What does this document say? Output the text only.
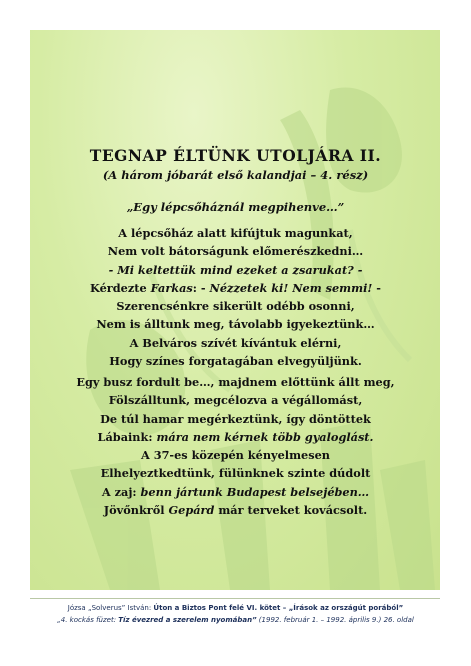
TEGNAP ÉLTÜNK UTOLJÁRA II.
(A három jóbarát első kalandjai – 4. rész)
„Egy lépcsőháznál megpihenve…”
A lépcsőház alatt kifújtuk magunkat,
Nem volt bátorságunk előmerészkedni…
- Mi keltettük mind ezeket a zsarukat? -
Kérdezte Farkas: - Nézzetek ki! Nem semmi! -
Szerencsénkre sikerült odébb osonni,
Nem is álltunk meg, távolabb igyekeztünk…
A Belváros szívét kívántuk elérni,
Hogy színes forgatagában elvegyüljünk.
Egy busz fordult be…, majdnem előttünk állt meg,
Fölszálltunk, megcélozva a végállomást,
De túl hamar megérkeztünk, így döntöttek
Lábaink: mára nem kérnek több gyaloglást.
A 37-es közepén kényelmesen
Elhelyeztkedtünk, fülünknek szinte dúdolt
A zaj: benn jártunk Budapest belsejében…
Jövőnkről Gepárd már terveket kovácsolt.
Józsa „Solverus” István: Úton a Biztos Pont felé VI. kötet – „Írások az országút porából”
„4. kockás füzet: Tíz évezred a szerelem nyomában” (1992. február 1. – 1992. április 9.) 26. oldal
